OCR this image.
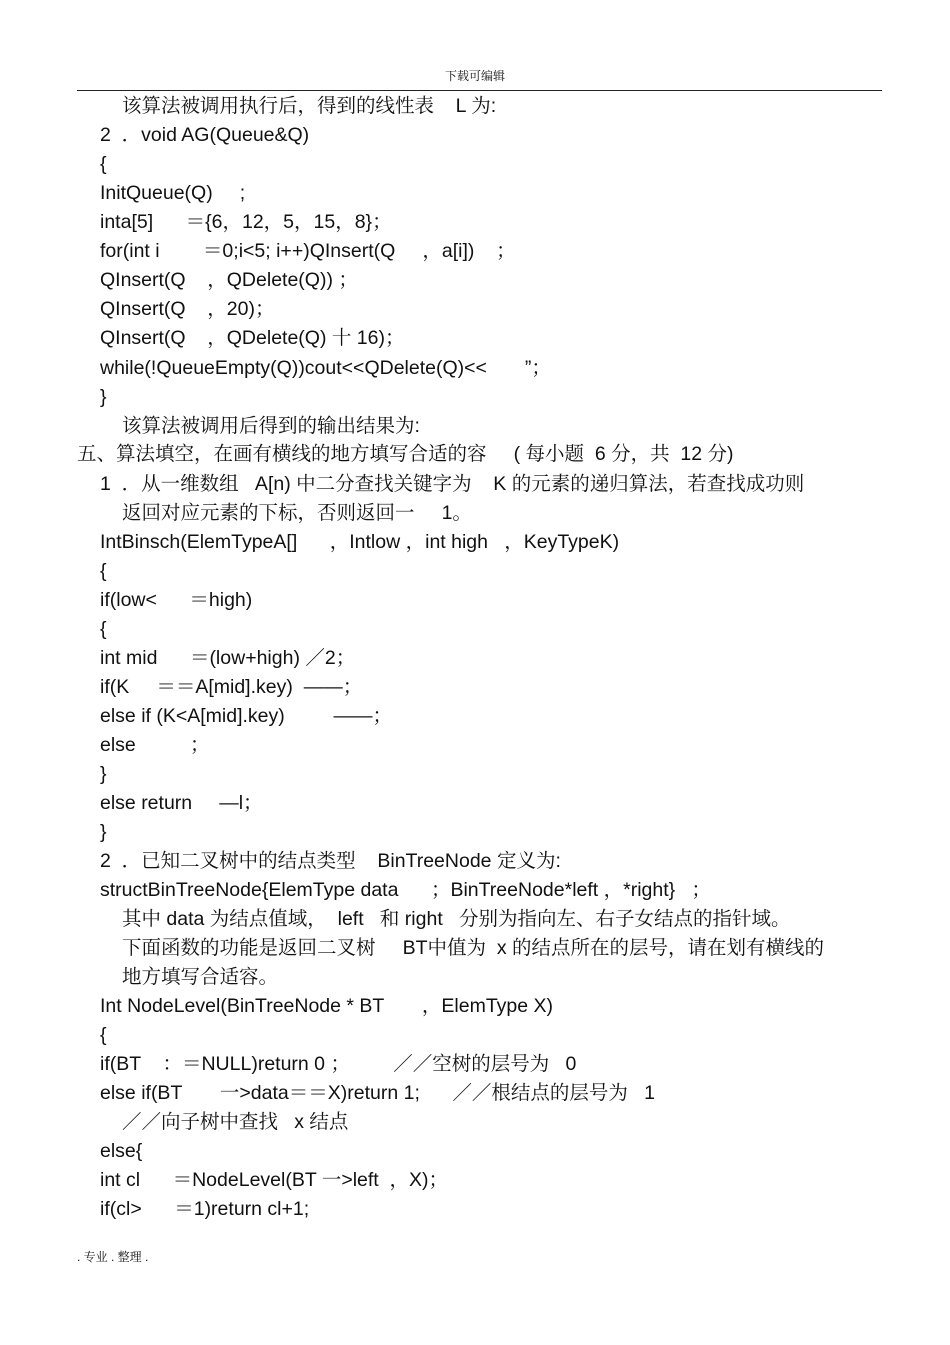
下载可编辑
该算法被调用执行后，得到的线性表    L 为:
2  ．void AG(Queue&Q)
{
InitQueue(Q)     ;
inta[5]      ＝{6，12，5，15，8}；
for(int i        ＝0;i<5; i++)QInsert(Q     ，a[i])    ；
QInsert(Q    ，QDelete(Q)) ；
QInsert(Q    ，20)；
QInsert(Q    ，QDelete(Q) 十 16)；
while(!QueueEmpty(Q))cout<<QDelete(Q)<<       ”；
}
该算法被调用后得到的输出结果为:
五、算法填空，在画有横线的地方填写合适的容     ( 每小题  6 分，共  12 分)
1  ．从一维数组   A[n) 中二分查找关键字为    K 的元素的递归算法，若查找成功则
返回对应元素的下标，否则返回一     1。
IntBinsch(ElemTypeA[]      ，Intlow ，int high   ，KeyTypeK)
{
if(low<      ＝high)
{
int mid      ＝(low+high) ／2；
if(K     ＝＝A[mid].key)  ——；
else if (K<A[mid].key)         ——；
else          ；
}
else return     —l；
}
2  ．已知二叉树中的结点类型    BinTreeNode 定义为:
structBinTreeNode{ElemType data      ；BinTreeNode*left ，*right}   ；
其中 data 为结点值域，  left   和 right   分别为指向左、右子女结点的指针域。
下面函数的功能是返回二叉树     BT中值为  x 的结点所在的层号，请在划有横线的
地方填写合适容。
Int NodeLevel(BinTreeNode * BT       ，ElemType X)
{
if(BT    ：＝NULL)return 0 ；        ／／空树的层号为   0
else if(BT       一>data＝＝X)return 1;      ／／根结点的层号为   1
／／向子树中查找   x 结点
else{
int cl      ＝NodeLevel(BT 一>left  ，X)；
if(cl>      ＝1)return cl+1;
. 专业 . 整理 .
